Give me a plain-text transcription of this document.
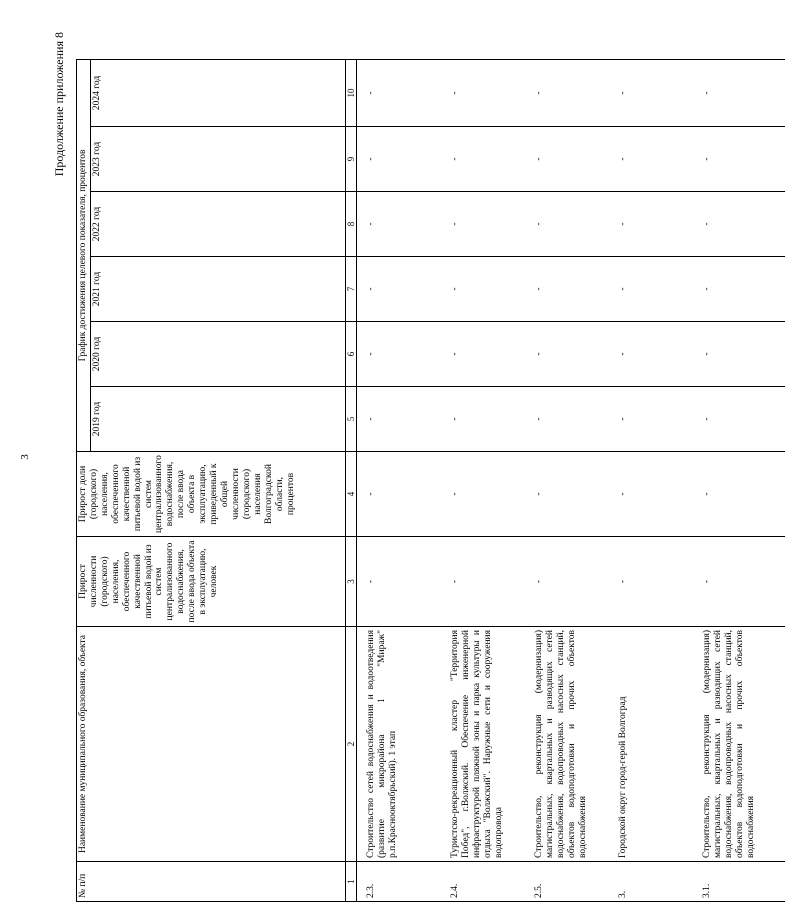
3
Продолжение приложения 8
№ п/п	Наименование муниципального образования, объекта	Прирост численности (городского) населения, обеспеченного качественной питьевой водой из систем централизованного водоснабжения, после ввода объекта в эксплуатацию, человек	Прирост доли (городского) населения, обеспеченного качественной питьевой водой из систем централизованного водоснабжения, после ввода объекта в эксплуатацию, приведенный к общей численности (городского) населения Волгоградской области, процентов	График достижения целевого показателя, процентов					
				2019 год	2020 год	2021 год	2022 год	2023 год	2024 год
1	2	3	4	5	6	7	8	9	10

2.3.	Строительство сетей водоснабжения и водоотведения (развитие микрорайона 1 "Мираж" р.п.Краснооктябрьский). 1 этап	-	-	-	-	-	-	-	-
2.4.	Туристско-рекреационный кластер "Территория Побед", г.Волжский. Обеспечение инженерной инфраструктурой пляжной зоны и парка культуры и отдыха "Волжский". Наружные сети и сооружения водопровода	-	-	-	-	-	-	-	-
2.5.	Строительство, реконструкция (модернизация) магистральных, квартальных и разводящих сетей водоснабжения, водопроводных насосных станций, объектов водоподготовки и прочих объектов водоснабжения	-	-	-	-	-	-	-	-
3.	Городской округ город-герой Волгоград	-	-	-	-	-	-	-	-
3.1.	Строительство, реконструкция (модернизация) магистральных, квартальных и разводящих сетей водоснабжения, водопроводных насосных станций, объектов водоподготовки и прочих объектов водоснабжения	-	-	-	-	-	-	-	-
